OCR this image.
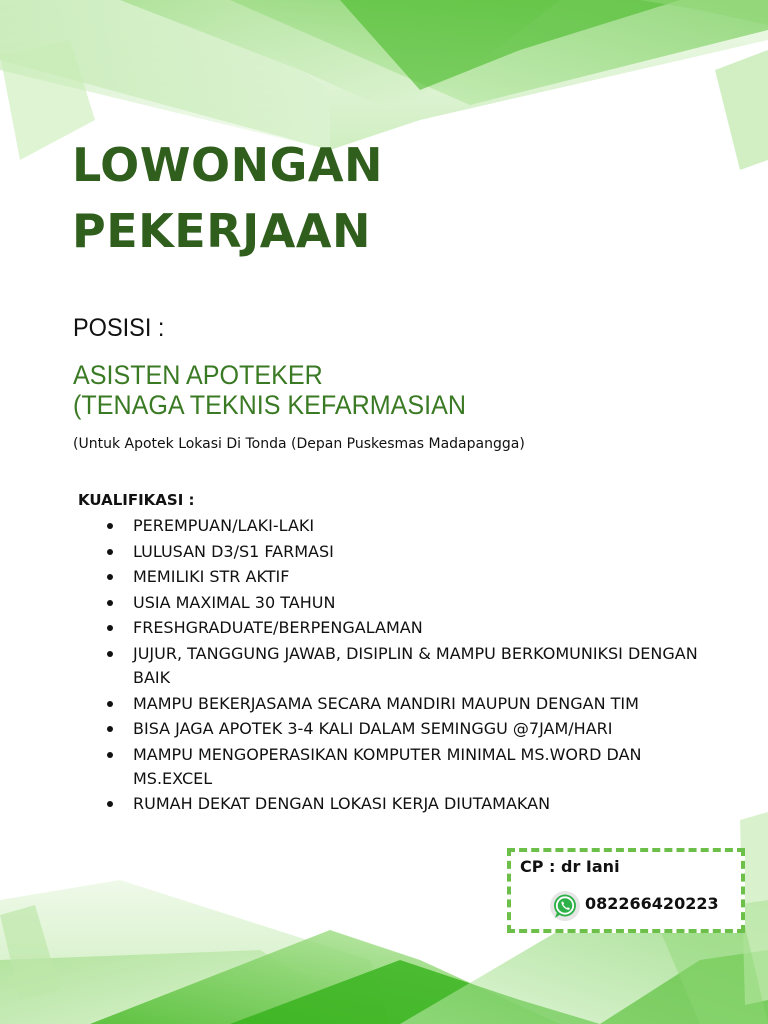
LOWONGAN
PEKERJAAN
POSISI :
ASISTEN APOTEKER
(TENAGA TEKNIS KEFARMASIAN
(Untuk Apotek Lokasi Di Tonda (Depan Puskesmas Madapangga)
KUALIFIKASI :
PEREMPUAN/LAKI-LAKI
LULUSAN D3/S1 FARMASI
MEMILIKI STR AKTIF
USIA MAXIMAL 30 TAHUN
FRESHGRADUATE/BERPENGALAMAN
JUJUR, TANGGUNG JAWAB, DISIPLIN & MAMPU BERKOMUNIKSI DENGAN BAIK
MAMPU BEKERJASAMA SECARA MANDIRI MAUPUN DENGAN TIM
BISA JAGA APOTEK 3-4 KALI DALAM SEMINGGU @7JAM/HARI
MAMPU MENGOPERASIKAN KOMPUTER MINIMAL MS.WORD DAN MS.EXCEL
RUMAH DEKAT DENGAN LOKASI KERJA DIUTAMAKAN
CP : dr Iani
082266420223
